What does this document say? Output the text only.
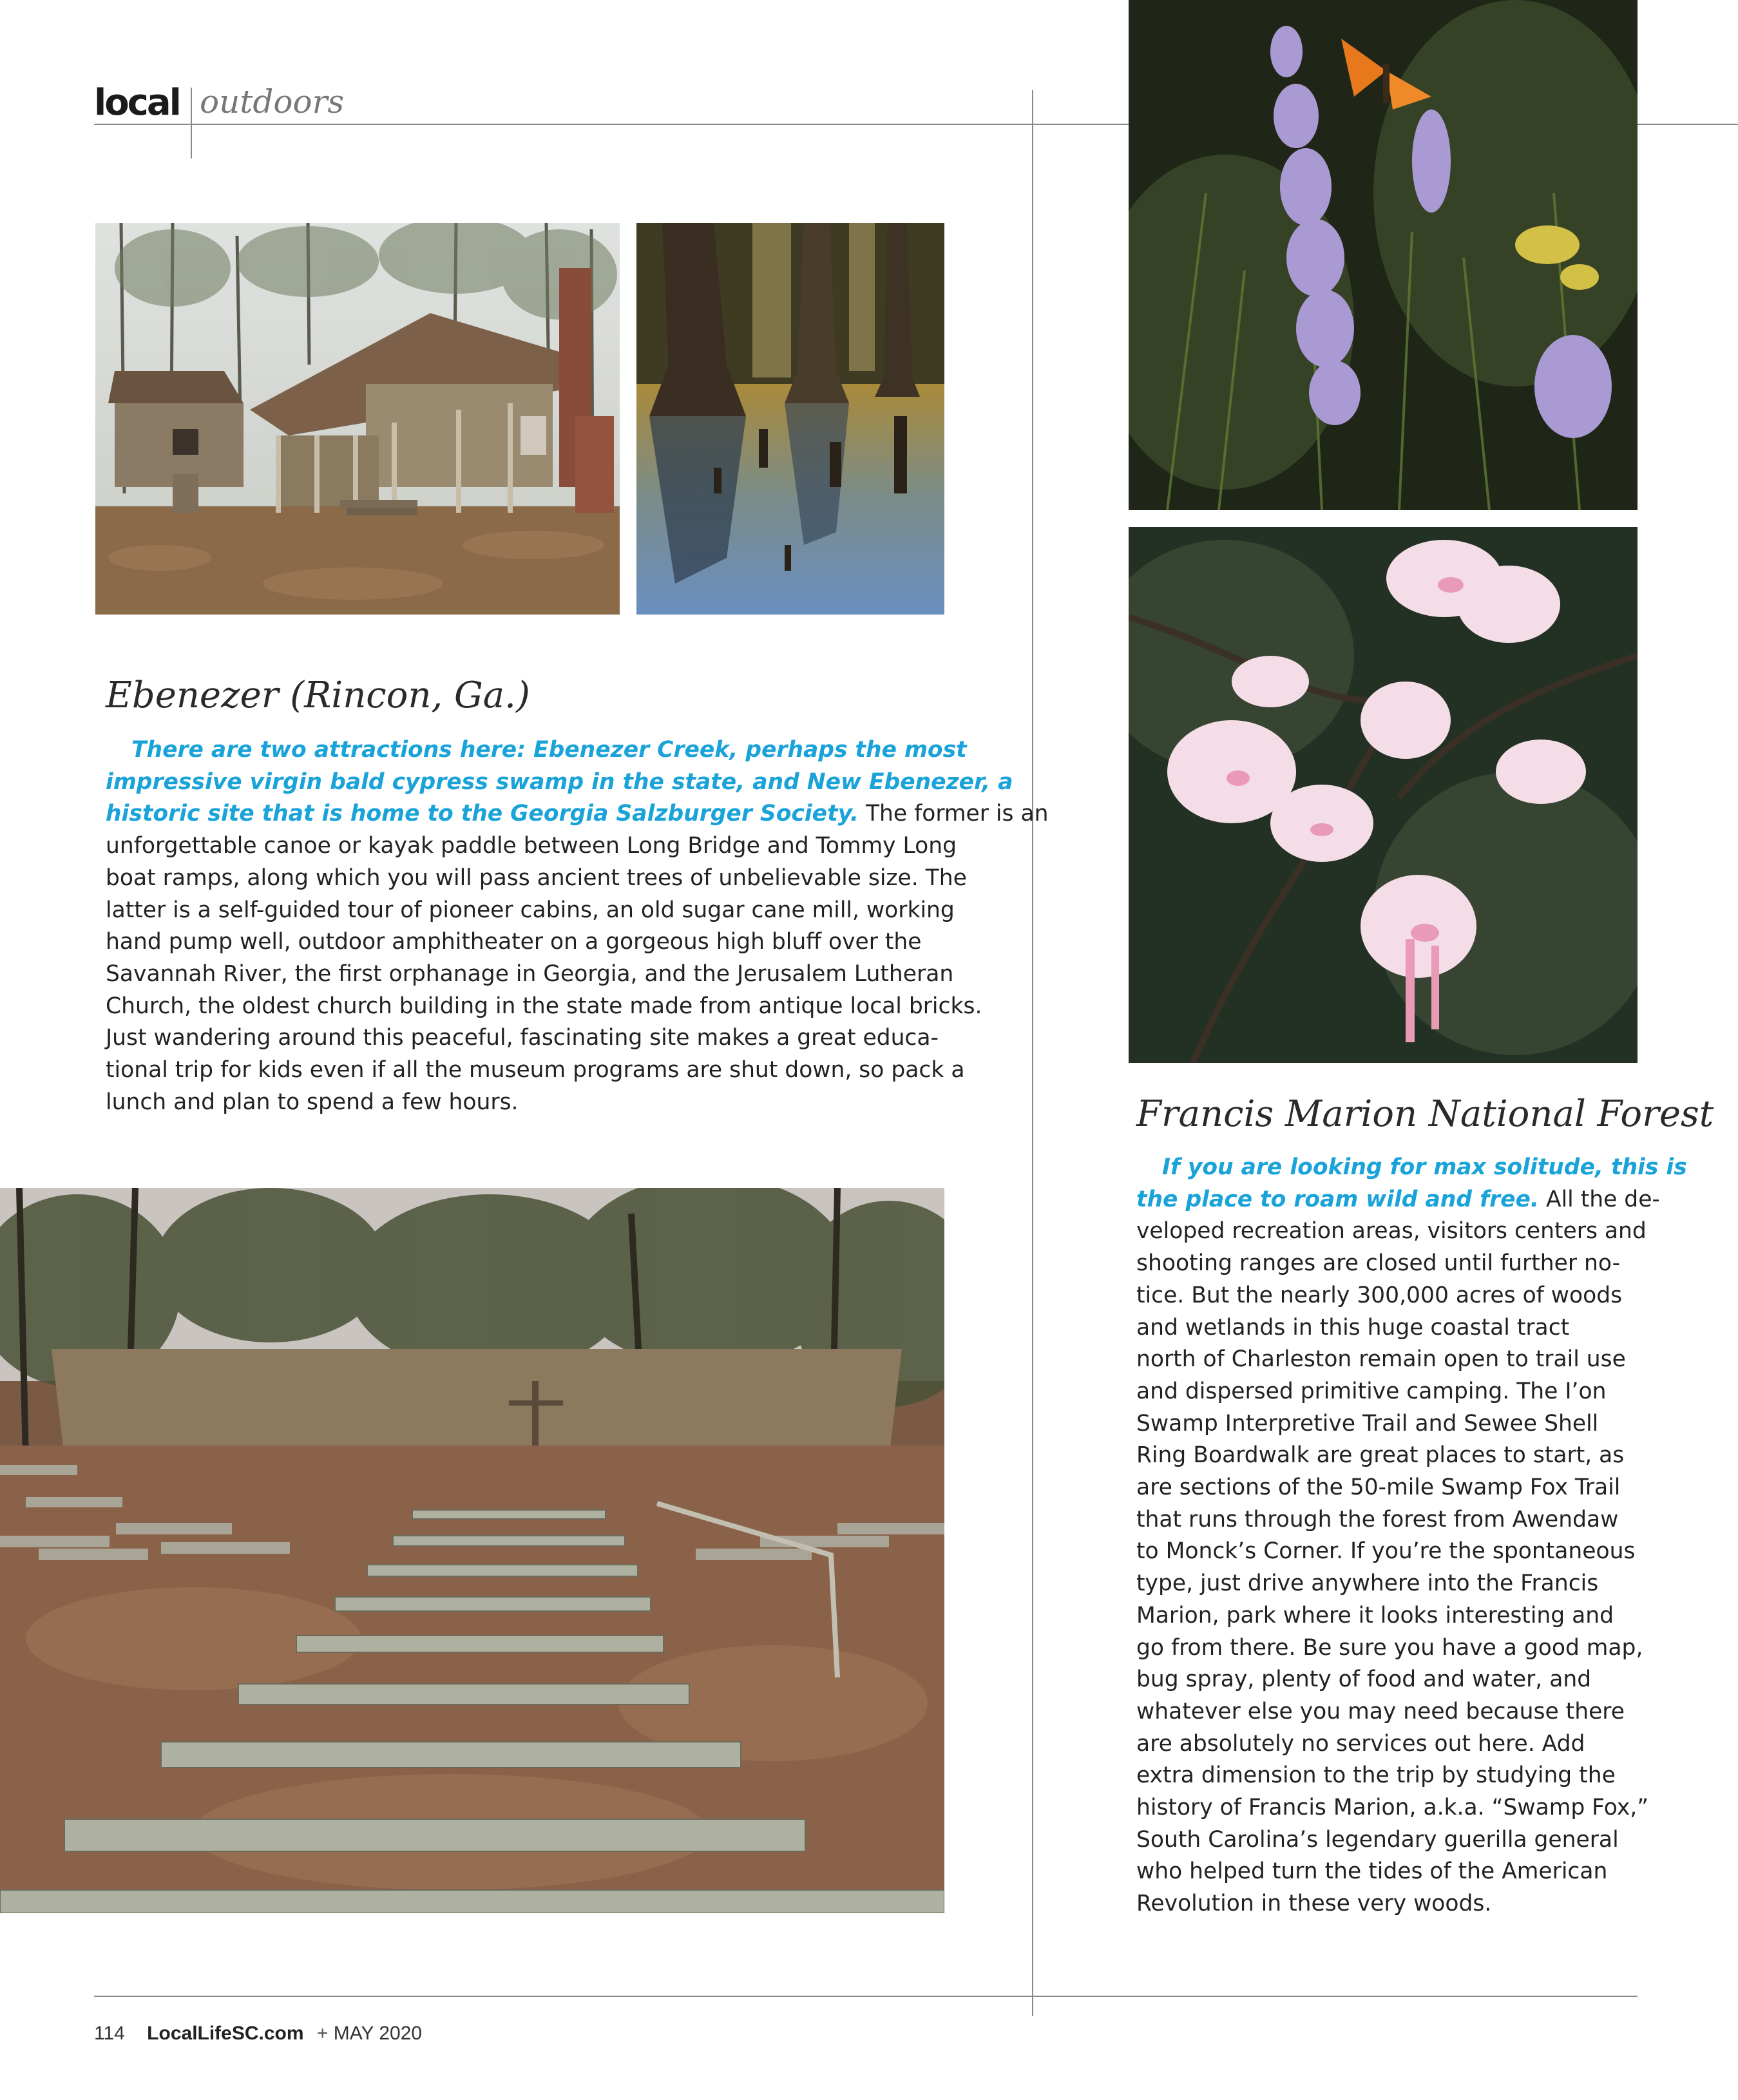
local outdoors
Ebenezer (Rincon, Ga.)
There are two attractions here: Ebenezer Creek, perhaps the most
impressive virgin bald cypress swamp in the state, and New Ebenezer, a
historic site that is home to the Georgia Salzburger Society. The former is an
unforgettable canoe or kayak paddle between Long Bridge and Tommy Long
boat ramps, along which you will pass ancient trees of unbelievable size. The
latter is a self-guided tour of pioneer cabins, an old sugar cane mill, working
hand pump well, outdoor amphitheater on a gorgeous high bluff over the
Savannah River, the first orphanage in Georgia, and the Jerusalem Lutheran
Church, the oldest church building in the state made from antique local bricks.
Just wandering around this peaceful, fascinating site makes a great educa-
tional trip for kids even if all the museum programs are shut down, so pack a
lunch and plan to spend a few hours.	Francis Marion National Forest
If you are looking for max solitude, this is
the place to roam wild and free. All the de-
veloped recreation areas, visitors centers and
shooting ranges are closed until further no-
tice. But the nearly 300,000 acres of woods
and wetlands in this huge coastal tract
north of Charleston remain open to trail use
and dispersed primitive camping. The I’on
Swamp Interpretive Trail and Sewee Shell
Ring Boardwalk are great places to start, as
are sections of the 50-mile Swamp Fox Trail
that runs through the forest from Awendaw
to Monck’s Corner. If you’re the spontaneous
type, just drive anywhere into the Francis
Marion, park where it looks interesting and
go from there. Be sure you have a good map,
bug spray, plenty of food and water, and
whatever else you may need because there
are absolutely no services out here. Add
extra dimension to the trip by studying the
history of Francis Marion, a.k.a. “Swamp Fox,”
South Carolina’s legendary guerilla general
who helped turn the tides of the American
Revolution in these very woods.
114 LocalLifeSC.com + MAY 2020
